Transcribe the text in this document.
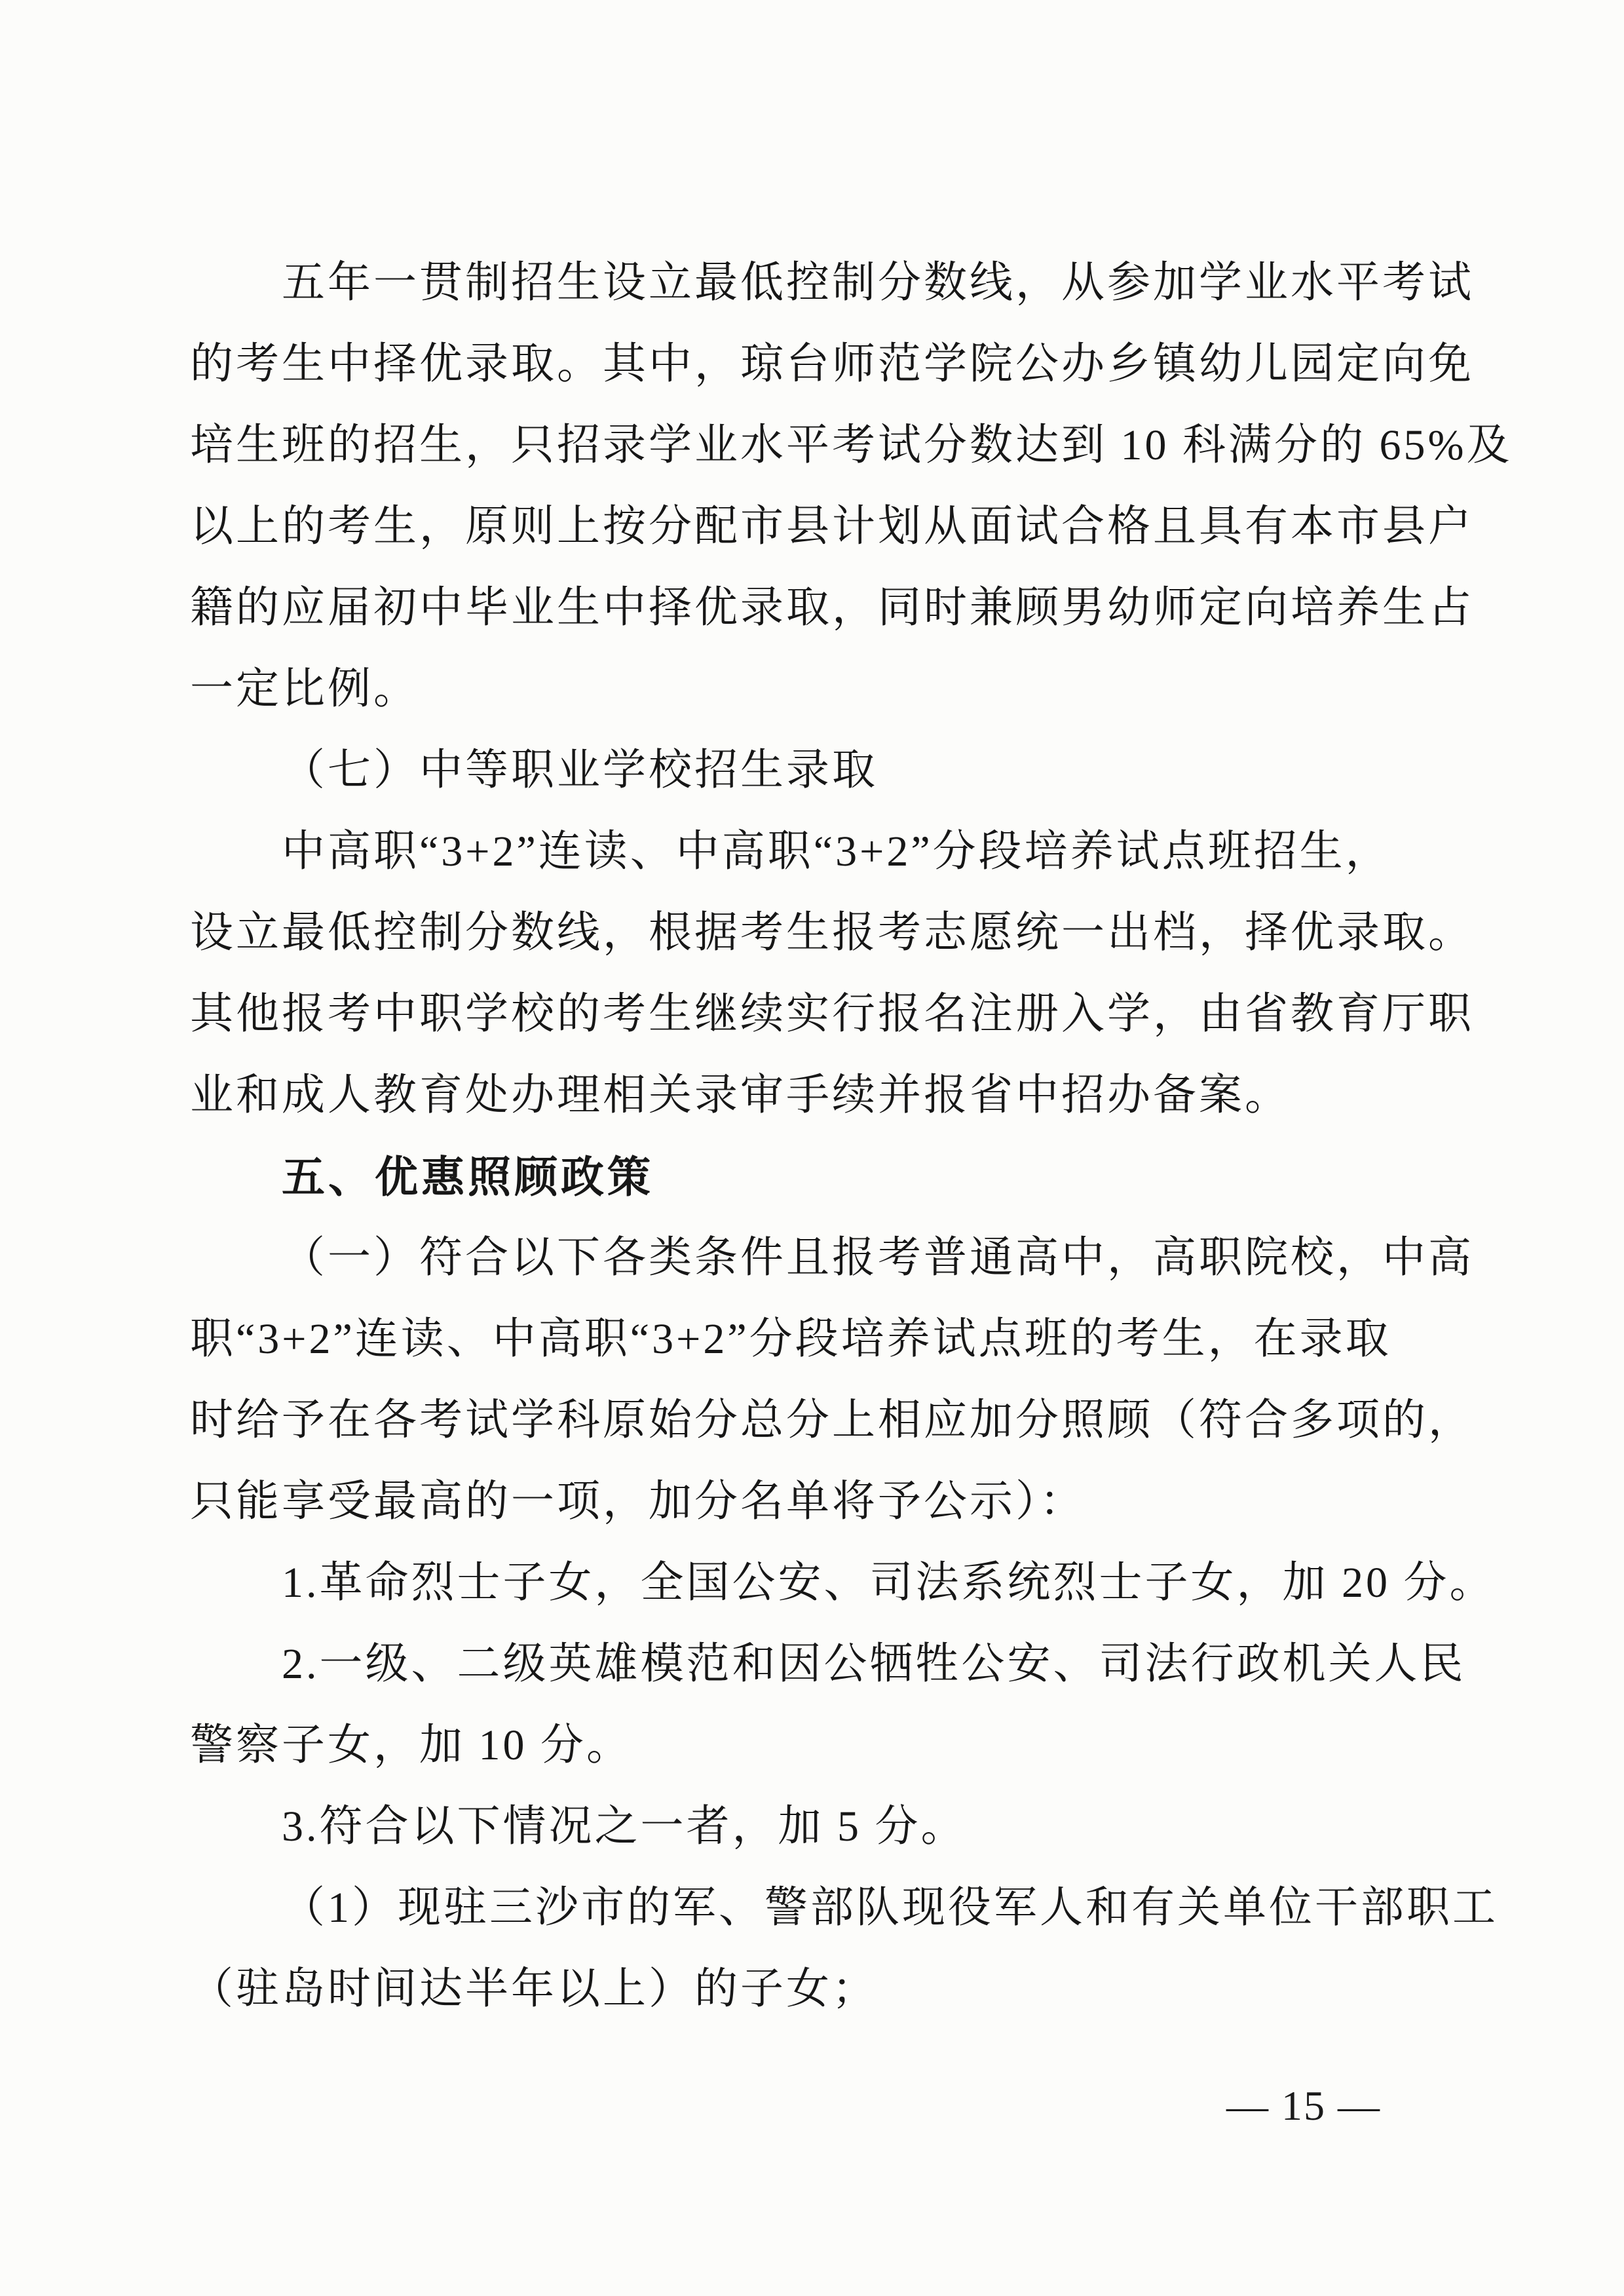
五年一贯制招生设立最低控制分数线，从参加学业水平考试
的考生中择优录取。其中，琼台师范学院公办乡镇幼儿园定向免
培生班的招生，只招录学业水平考试分数达到 10 科满分的 65%及
以上的考生，原则上按分配市县计划从面试合格且具有本市县户
籍的应届初中毕业生中择优录取，同时兼顾男幼师定向培养生占
一定比例。
（七）中等职业学校招生录取
中高职“3+2”连读、中高职“3+2”分段培养试点班招生，
设立最低控制分数线，根据考生报考志愿统一出档，择优录取。
其他报考中职学校的考生继续实行报名注册入学，由省教育厅职
业和成人教育处办理相关录审手续并报省中招办备案。
五、优惠照顾政策
（一）符合以下各类条件且报考普通高中，高职院校，中高
职“3+2”连读、中高职“3+2”分段培养试点班的考生，在录取
时给予在各考试学科原始分总分上相应加分照顾（符合多项的，
只能享受最高的一项，加分名单将予公示）：
1.革命烈士子女，全国公安、司法系统烈士子女，加 20 分。
2.一级、二级英雄模范和因公牺牲公安、司法行政机关人民
警察子女，加 10 分。
3.符合以下情况之一者，加 5 分。
（1）现驻三沙市的军、警部队现役军人和有关单位干部职工
（驻岛时间达半年以上）的子女；
— 15 —
